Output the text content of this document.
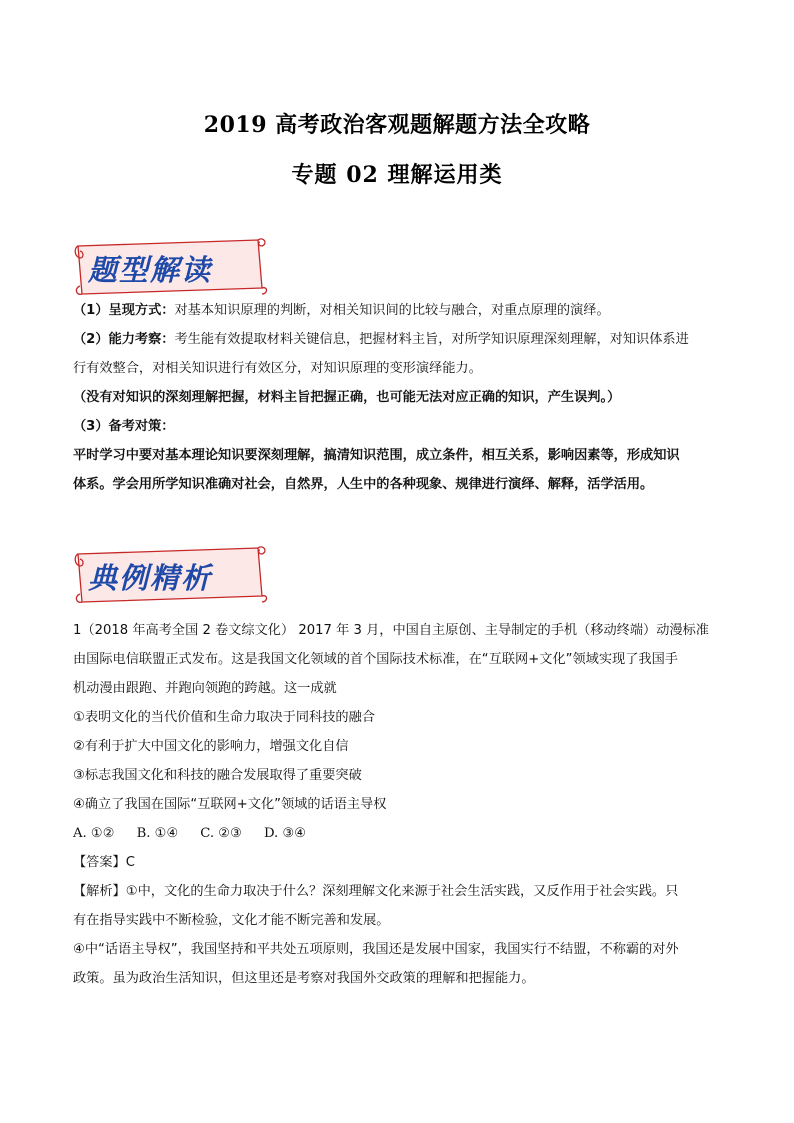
2019 高考政治客观题解题方法全攻略
专题 02 理解运用类
题型解读
（1）呈现方式：对基本知识原理的判断，对相关知识间的比较与融合，对重点原理的演绎。
（2）能力考察：考生能有效提取材料关键信息，把握材料主旨，对所学知识原理深刻理解，对知识体系进
行有效整合，对相关知识进行有效区分，对知识原理的变形演绎能力。
（没有对知识的深刻理解把握，材料主旨把握正确，也可能无法对应正确的知识，产生误判。）
（3）备考对策：
平时学习中要对基本理论知识要深刻理解，搞清知识范围，成立条件，相互关系，影响因素等，形成知识
体系。学会用所学知识准确对社会，自然界，人生中的各种现象、规律进行演绎、解释，活学活用。
典例精析
1（2018 年高考全国 2 卷文综文化） 2017 年 3 月，中国自主原创、主导制定的手机（移动终端）动漫标准
由国际电信联盟正式发布。这是我国文化领域的首个国际技术标准，在“互联网+文化”领域实现了我国手
机动漫由跟跑、并跑向领跑的跨越。这一成就
①表明文化的当代价值和生命力取决于同科技的融合
②有利于扩大中国文化的影响力，增强文化自信
③标志我国文化和科技的融合发展取得了重要突破
④确立了我国在国际“互联网+文化”领域的话语主导权
A. ①② B. ①④ C. ②③ D. ③④
【答案】C
【解析】①中，文化的生命力取决于什么？深刻理解文化来源于社会生活实践，又反作用于社会实践。只
有在指导实践中不断检验，文化才能不断完善和发展。
④中“话语主导权”，我国坚持和平共处五项原则，我国还是发展中国家，我国实行不结盟，不称霸的对外
政策。虽为政治生活知识，但这里还是考察对我国外交政策的理解和把握能力。
